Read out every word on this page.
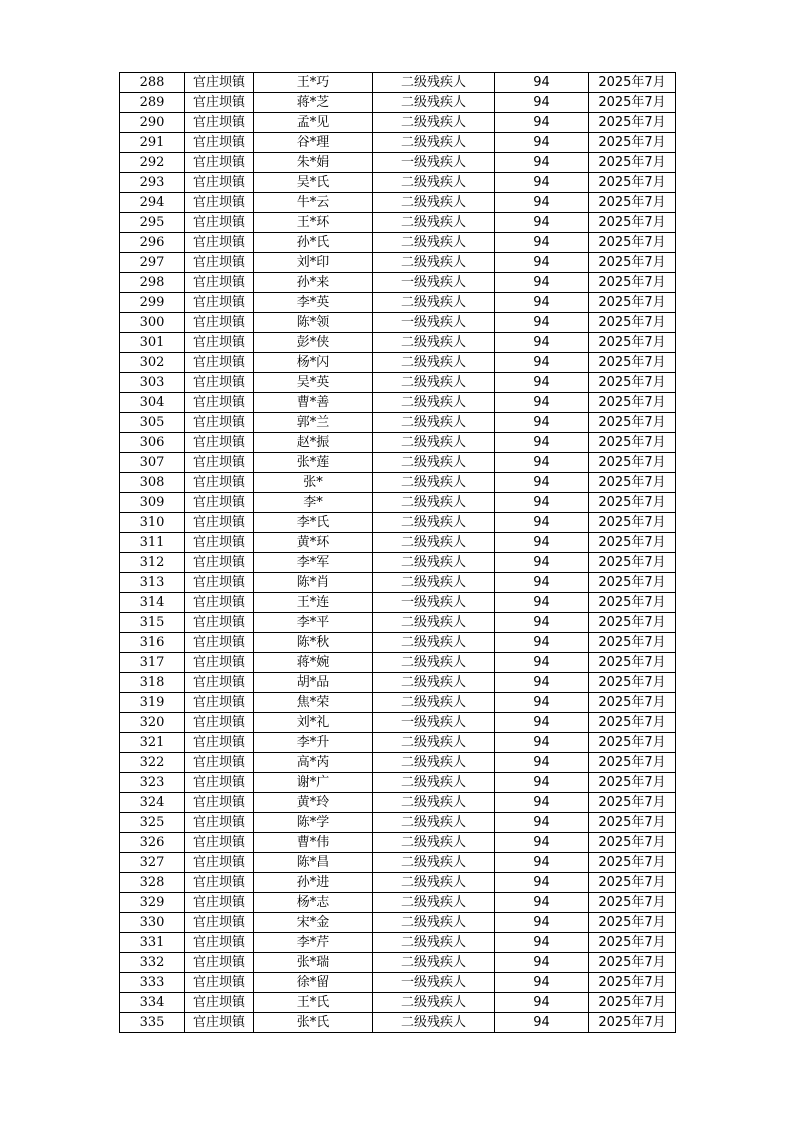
288	官庄坝镇	王*巧	二级残疾人	94	2025年7月
289	官庄坝镇	蒋*芝	二级残疾人	94	2025年7月
290	官庄坝镇	孟*见	二级残疾人	94	2025年7月
291	官庄坝镇	谷*理	二级残疾人	94	2025年7月
292	官庄坝镇	朱*娟	一级残疾人	94	2025年7月
293	官庄坝镇	吴*氏	二级残疾人	94	2025年7月
294	官庄坝镇	牛*云	二级残疾人	94	2025年7月
295	官庄坝镇	王*环	二级残疾人	94	2025年7月
296	官庄坝镇	孙*氏	二级残疾人	94	2025年7月
297	官庄坝镇	刘*印	二级残疾人	94	2025年7月
298	官庄坝镇	孙*来	一级残疾人	94	2025年7月
299	官庄坝镇	李*英	二级残疾人	94	2025年7月
300	官庄坝镇	陈*领	一级残疾人	94	2025年7月
301	官庄坝镇	彭*侠	二级残疾人	94	2025年7月
302	官庄坝镇	杨*闪	二级残疾人	94	2025年7月
303	官庄坝镇	吴*英	二级残疾人	94	2025年7月
304	官庄坝镇	曹*善	二级残疾人	94	2025年7月
305	官庄坝镇	郭*兰	二级残疾人	94	2025年7月
306	官庄坝镇	赵*振	二级残疾人	94	2025年7月
307	官庄坝镇	张*莲	二级残疾人	94	2025年7月
308	官庄坝镇	张*	二级残疾人	94	2025年7月
309	官庄坝镇	李*	二级残疾人	94	2025年7月
310	官庄坝镇	李*氏	二级残疾人	94	2025年7月
311	官庄坝镇	黄*环	二级残疾人	94	2025年7月
312	官庄坝镇	李*军	二级残疾人	94	2025年7月
313	官庄坝镇	陈*肖	二级残疾人	94	2025年7月
314	官庄坝镇	王*连	一级残疾人	94	2025年7月
315	官庄坝镇	李*平	二级残疾人	94	2025年7月
316	官庄坝镇	陈*秋	二级残疾人	94	2025年7月
317	官庄坝镇	蒋*婉	二级残疾人	94	2025年7月
318	官庄坝镇	胡*品	二级残疾人	94	2025年7月
319	官庄坝镇	焦*荣	二级残疾人	94	2025年7月
320	官庄坝镇	刘*礼	一级残疾人	94	2025年7月
321	官庄坝镇	李*升	二级残疾人	94	2025年7月
322	官庄坝镇	高*芮	二级残疾人	94	2025年7月
323	官庄坝镇	谢*广	二级残疾人	94	2025年7月
324	官庄坝镇	黄*玲	二级残疾人	94	2025年7月
325	官庄坝镇	陈*学	二级残疾人	94	2025年7月
326	官庄坝镇	曹*伟	二级残疾人	94	2025年7月
327	官庄坝镇	陈*昌	二级残疾人	94	2025年7月
328	官庄坝镇	孙*进	二级残疾人	94	2025年7月
329	官庄坝镇	杨*志	二级残疾人	94	2025年7月
330	官庄坝镇	宋*金	二级残疾人	94	2025年7月
331	官庄坝镇	李*芹	二级残疾人	94	2025年7月
332	官庄坝镇	张*瑞	二级残疾人	94	2025年7月
333	官庄坝镇	徐*留	一级残疾人	94	2025年7月
334	官庄坝镇	王*氏	二级残疾人	94	2025年7月
335	官庄坝镇	张*氏	二级残疾人	94	2025年7月
